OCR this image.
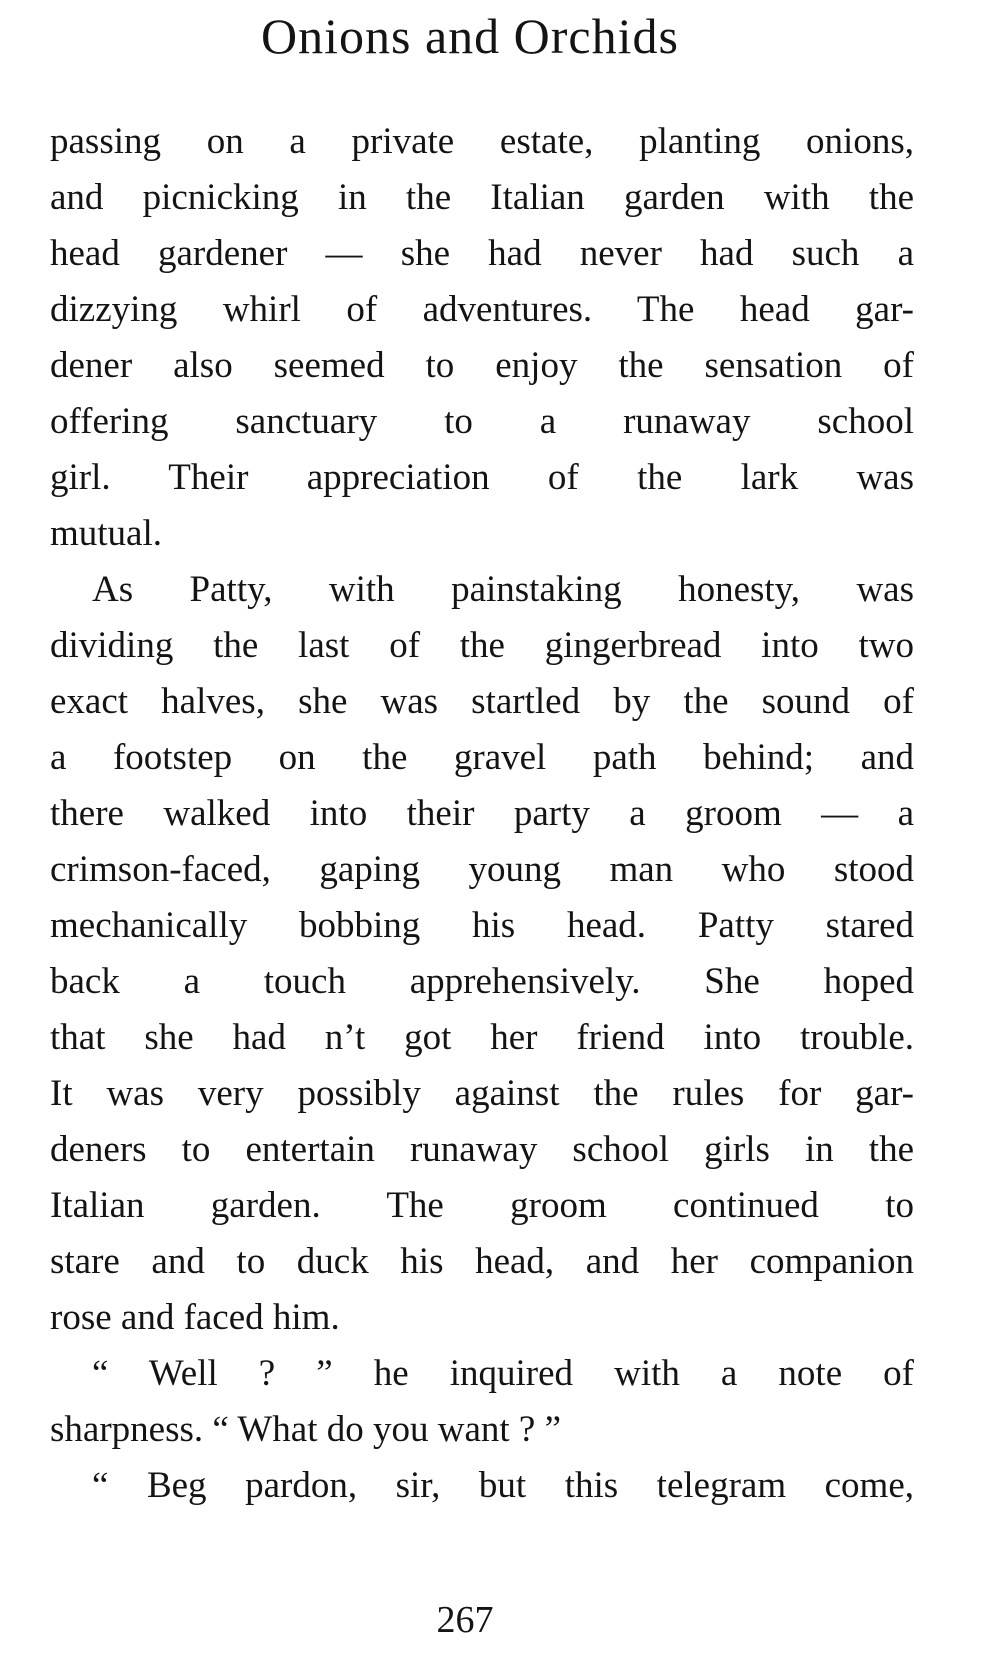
Onions and Orchids
passing on a private estate, planting onions,
and picnicking in the Italian garden with the
head gardener — she had never had such a
dizzying whirl of adventures. The head gar-
dener also seemed to enjoy the sensation of
offering sanctuary to a runaway school
girl. Their appreciation of the lark was
mutual.
As Patty, with painstaking honesty, was
dividing the last of the gingerbread into two
exact halves, she was startled by the sound of
a footstep on the gravel path behind; and
there walked into their party a groom — a
crimson-faced, gaping young man who stood
mechanically bobbing his head. Patty stared
back a touch apprehensively. She hoped
that she had n’t got her friend into trouble.
It was very possibly against the rules for gar-
deners to entertain runaway school girls in the
Italian garden. The groom continued to
stare and to duck his head, and her companion
rose and faced him.
“ Well ? ” he inquired with a note of
sharpness. “ What do you want ? ”
“ Beg pardon, sir, but this telegram come,
267
